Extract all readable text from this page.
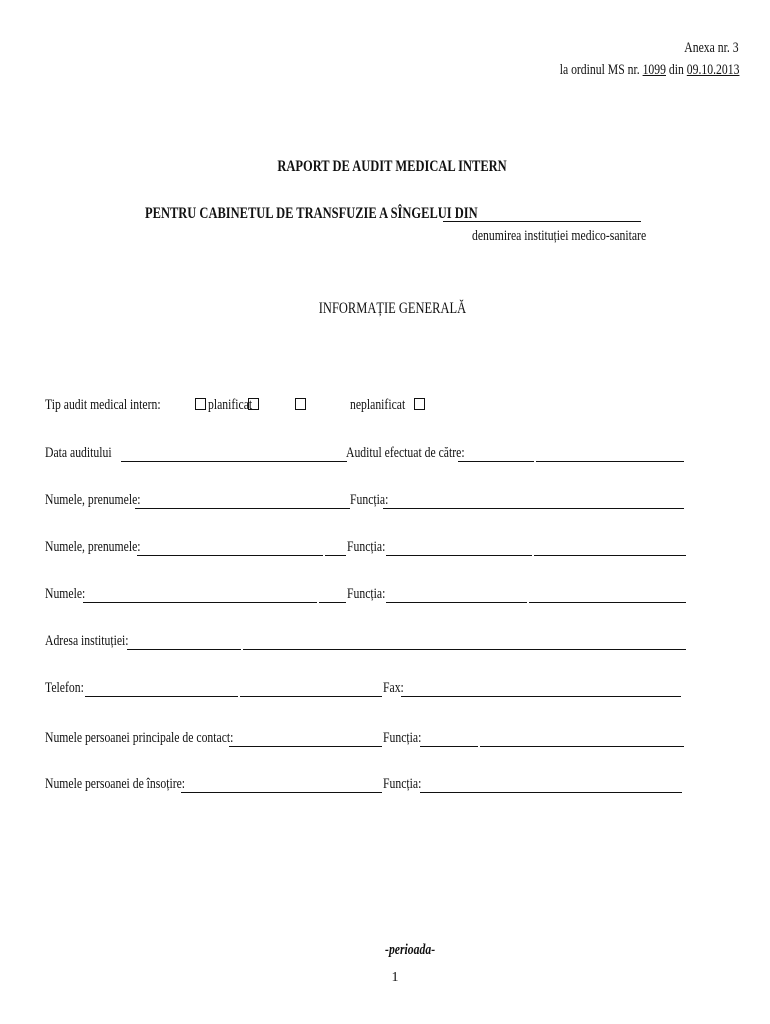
Anexa nr. 3
la ordinul MS nr. 1099 din 09.10.2013
RAPORT DE AUDIT MEDICAL INTERN
PENTRU CABINETUL DE TRANSFUZIE A SÎNGELUI DIN
denumirea instituției medico-sanitare
INFORMAȚIE GENERALĂ
Tip audit medical intern:	planificat	neplanificat
Data auditului	Auditul efectuat de către:
Numele, prenumele:	Funcția:
Numele, prenumele:	Funcția:
Numele:	Funcția:
Adresa instituției:
Telefon:	Fax:
Numele persoanei principale de contact:	Funcția:
Numele persoanei de însoțire:	Funcția:
-perioada-
1
